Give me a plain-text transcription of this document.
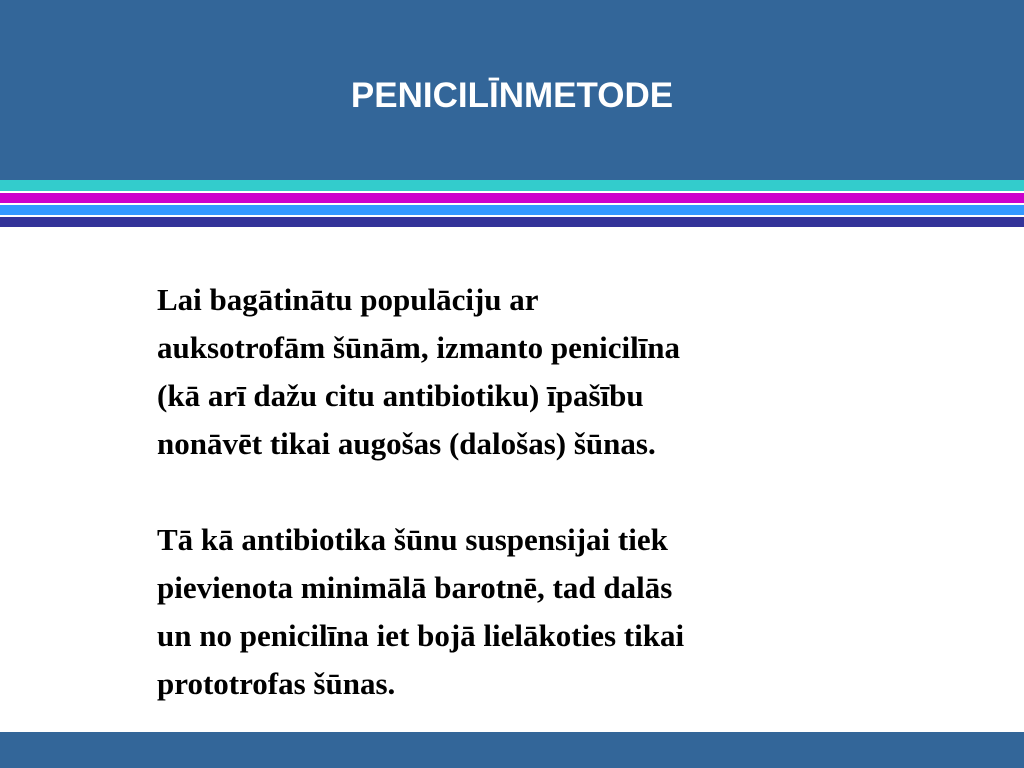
PENICILĪNMETODE

Lai bagātinātu populāciju ar
auksotrofām šūnām, izmanto penicilīna
(kā arī dažu citu antibiotiku) īpašību
nonāvēt tikai augošas (dalošas) šūnas.

Tā kā antibiotika šūnu suspensijai tiek
pievienota minimālā barotnē, tad dalās
un no penicilīna iet bojā lielākoties tikai
prototrofas šūnas.
